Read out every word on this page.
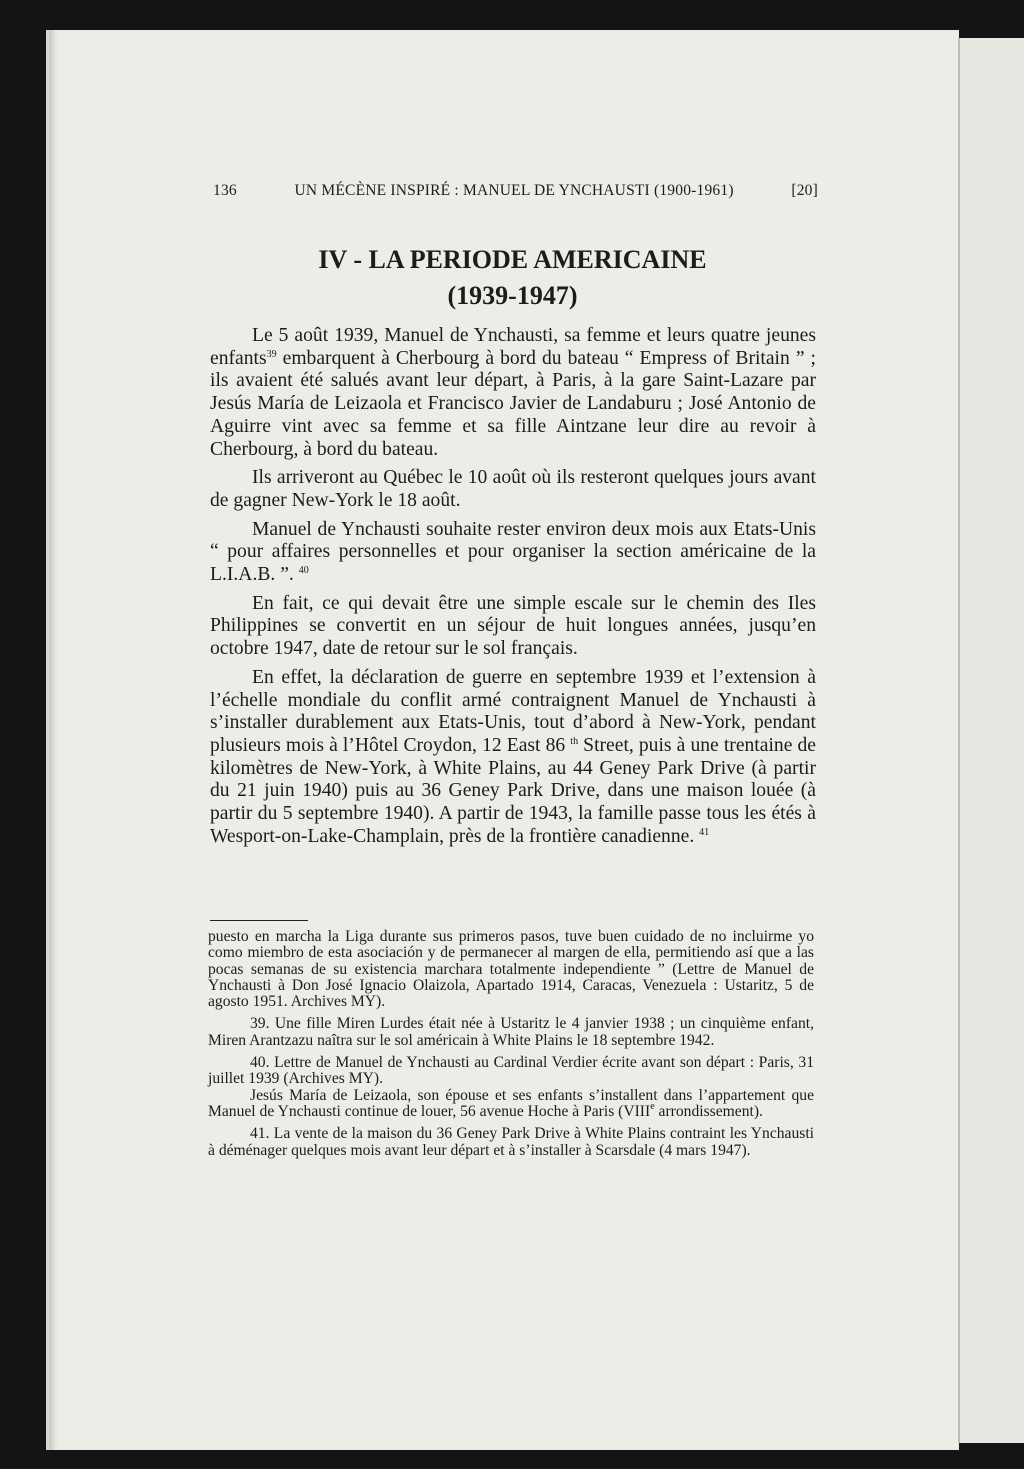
136	UN MÉCÈNE INSPIRÉ : MANUEL DE YNCHAUSTI (1900-1961)	[20]
IV - LA PERIODE AMERICAINE
(1939-1947)

Le 5 août 1939, Manuel de Ynchausti, sa femme et leurs quatre jeunes enfants$^{39}$ embarquent à Cherbourg à bord du bateau “ Empress of Britain ” ; ils avaient été salués avant leur départ, à Paris, à la gare Saint-Lazare par Jesús María de Leizaola et Francisco Javier de Landaburu ; José Antonio de Aguirre vint avec sa femme et sa fille Aintzane leur dire au revoir à Cherbourg, à bord du bateau.

Ils arriveront au Québec le 10 août où ils resteront quelques jours avant de gagner New-York le 18 août.

Manuel de Ynchausti souhaite rester environ deux mois aux Etats-Unis “ pour affaires personnelles et pour organiser la section américaine de la L.I.A.B. ”. $^{40}$

En fait, ce qui devait être une simple escale sur le chemin des Iles Philippines se convertit en un séjour de huit longues années, jusqu’en octobre 1947, date de retour sur le sol français.

En effet, la déclaration de guerre en septembre 1939 et l’extension à l’échelle mondiale du conflit armé contraignent Manuel de Ynchausti à s’installer durablement aux Etats-Unis, tout d’abord à New-York, pendant plusieurs mois à l’Hôtel Croydon, 12 East 86 $^{th}$ Street, puis à une trentaine de kilomètres de New-York, à White Plains, au 44 Geney Park Drive (à partir du 21 juin 1940) puis au 36 Geney Park Drive, dans une maison louée (à partir du 5 septembre 1940). A partir de 1943, la famille passe tous les étés à Wesport-on-Lake-Champlain, près de la frontière canadienne. $^{41}$

puesto en marcha la Liga durante sus primeros pasos, tuve buen cuidado de no incluirme yo como miembro de esta asociación y de permanecer al margen de ella, permitiendo así que a las pocas semanas de su existencia marchara totalmente independiente ” (Lettre de Manuel de Ynchausti à Don José Ignacio Olaizola, Apartado 1914, Caracas, Venezuela : Ustaritz, 5 de agosto 1951. Archives MY).

39. Une fille Miren Lurdes était née à Ustaritz le 4 janvier 1938 ; un cinquième enfant, Miren Arantzazu naîtra sur le sol américain à White Plains le 18 septembre 1942.

40. Lettre de Manuel de Ynchausti au Cardinal Verdier écrite avant son départ : Paris, 31 juillet 1939 (Archives MY).

Jesús María de Leizaola, son épouse et ses enfants s’installent dans l’appartement que Manuel de Ynchausti continue de louer, 56 avenue Hoche à Paris (VIIIe arrondissement).

41. La vente de la maison du 36 Geney Park Drive à White Plains contraint les Ynchausti à déménager quelques mois avant leur départ et à s’installer à Scarsdale (4 mars 1947).
